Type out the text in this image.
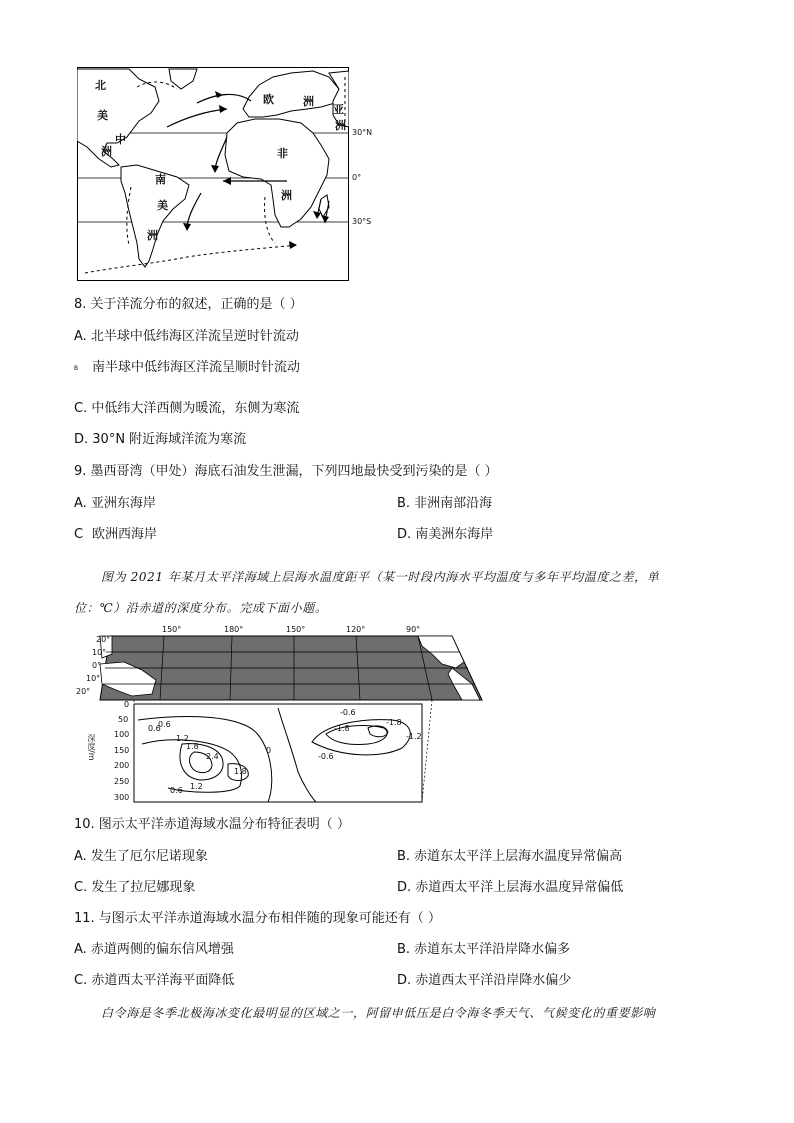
北
美
中
洲
南
美
洲
欧
亚
洲
洲
非
洲
30°N
0°
30°S
8. 关于洋流分布的叙述，正确的是（ ）
A. 北半球中低纬海区洋流呈逆时针流动
B 南半球中低纬海区洋流呈顺时针流动
C. 中低纬大洋西侧为暖流，东侧为寒流
D. 30°N 附近海域洋流为寒流
9. 墨西哥湾（甲处）海底石油发生泄漏，下列四地最快受到污染的是（ ）
A. 亚洲东海岸	B. 非洲南部沿海
C 欧洲西海岸	D. 南美洲东海岸
图为 2021 年某月太平洋海域上层海水温度距平（某一时段内海水平均温度与多年平均温度之差，单
位：℃）沿赤道的深度分布。完成下面小题。
150°	180°	150°	120°	90°
20°
10°
0°
10°
20°
深度/m
0
50
100
150
200
250
300
0.6
1.2
1.8
2.4
1.8
0
1.2
0.6
0.6
-0.6
-1.8
-1.8
-1.2
-0.6
10. 图示太平洋赤道海域水温分布特征表明（ ）
A. 发生了厄尔尼诺现象	B. 赤道东太平洋上层海水温度异常偏高
C. 发生了拉尼娜现象	D. 赤道西太平洋上层海水温度异常偏低
11. 与图示太平洋赤道海域水温分布相伴随的现象可能还有（ ）
A. 赤道两侧的偏东信风增强	B. 赤道东太平洋沿岸降水偏多
C. 赤道西太平洋海平面降低	D. 赤道西太平洋沿岸降水偏少
白令海是冬季北极海冰变化最明显的区域之一，阿留申低压是白令海冬季天气、气候变化的重要影响
